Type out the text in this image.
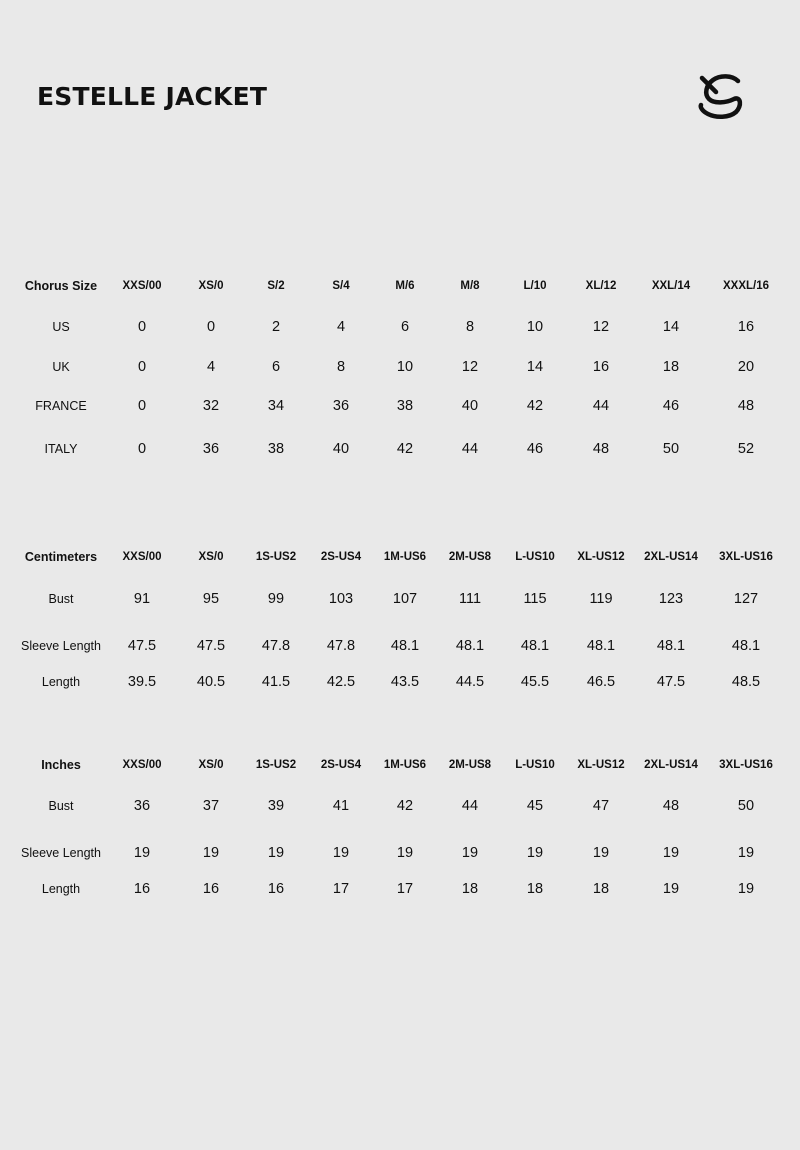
ESTELLE JACKET
Chorus Size	XXS/00	XS/0	S/2	S/4	M/6	M/8	L/10	XL/12	XXL/14	XXXL/16
US	0	0	2	4	6	8	10	12	14	16
UK	0	4	6	8	10	12	14	16	18	20
FRANCE	0	32	34	36	38	40	42	44	46	48
ITALY	0	36	38	40	42	44	46	48	50	52
Centimeters	XXS/00	XS/0	1S-US2	2S-US4	1M-US6	2M-US8	L-US10	XL-US12	2XL-US14	3XL-US16
Bust	91	95	99	103	107	111	115	119	123	127
Sleeve Length	47.5	47.5	47.8	47.8	48.1	48.1	48.1	48.1	48.1	48.1
Length	39.5	40.5	41.5	42.5	43.5	44.5	45.5	46.5	47.5	48.5
Inches	XXS/00	XS/0	1S-US2	2S-US4	1M-US6	2M-US8	L-US10	XL-US12	2XL-US14	3XL-US16
Bust	36	37	39	41	42	44	45	47	48	50
Sleeve Length	19	19	19	19	19	19	19	19	19	19
Length	16	16	16	17	17	18	18	18	19	19
